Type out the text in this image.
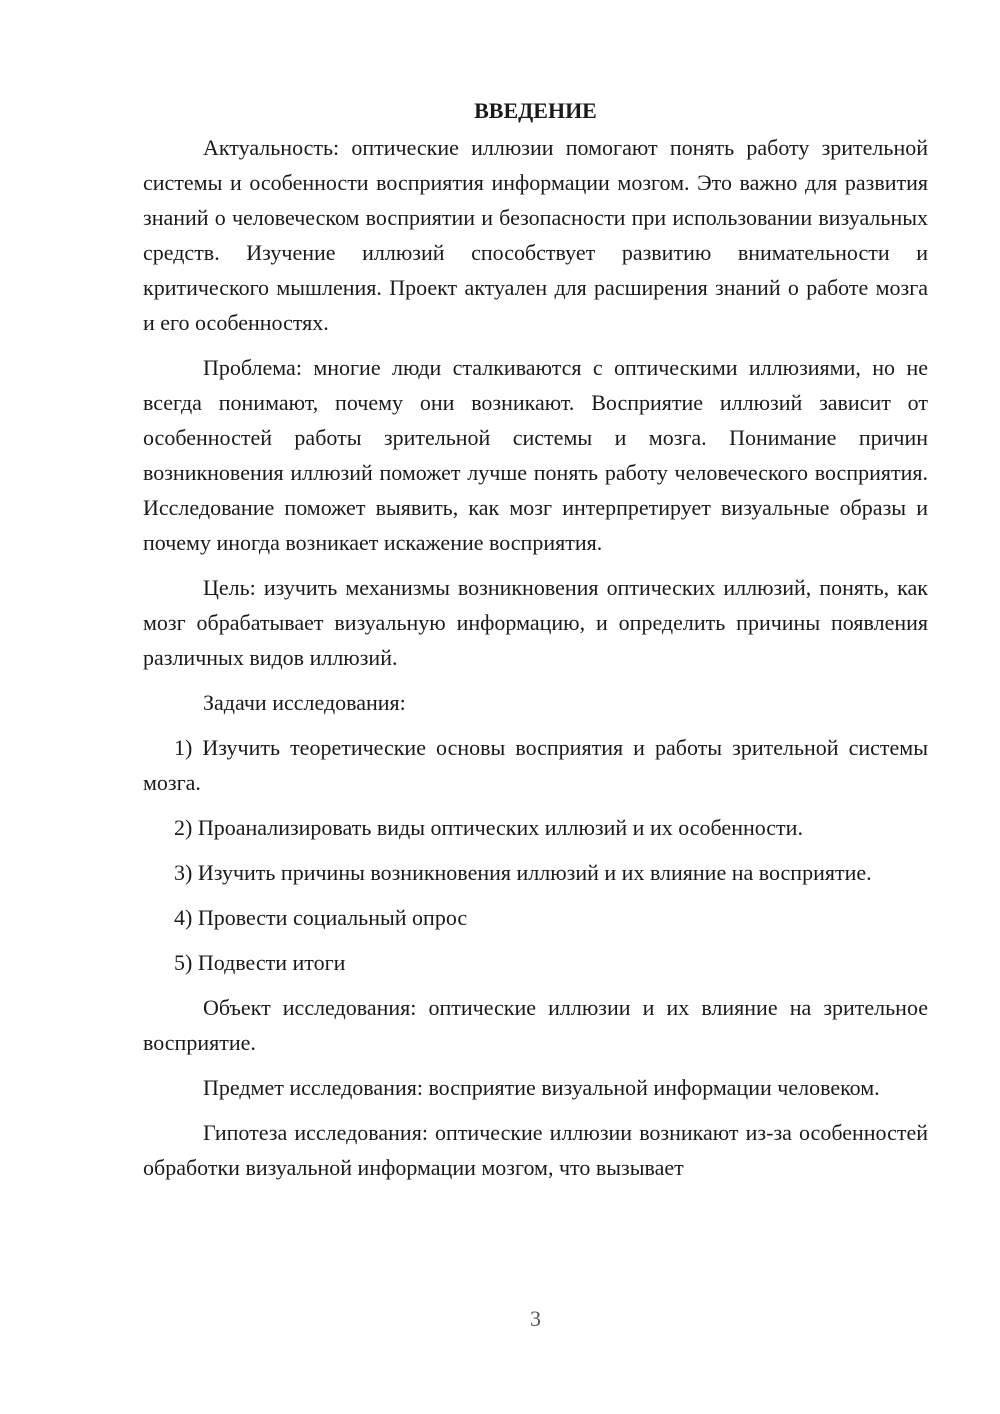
ВВЕДЕНИЕ

Актуальность: оптические иллюзии помогают понять работу зрительной системы и особенности восприятия информации мозгом. Это важно для развития знаний о человеческом восприятии и безопасности при использовании визуальных средств. Изучение иллюзий способствует развитию внимательности и критического мышления. Проект актуален для расширения знаний о работе мозга и его особенностях.

Проблема: многие люди сталкиваются с оптическими иллюзиями, но не всегда понимают, почему они возникают. Восприятие иллюзий зависит от особенностей работы зрительной системы и мозга. Понимание причин возникновения иллюзий поможет лучше понять работу человеческого восприятия. Исследование поможет выявить, как мозг интерпретирует визуальные образы и почему иногда возникает искажение восприятия.

Цель: изучить механизмы возникновения оптических иллюзий, понять, как мозг обрабатывает визуальную информацию, и определить причины появления различных видов иллюзий.

Задачи исследования:

1) Изучить теоретические основы восприятия и работы зрительной системы мозга.

2) Проанализировать виды оптических иллюзий и их особенности.

3) Изучить причины возникновения иллюзий и их влияние на восприятие.

4) Провести социальный опрос

5) Подвести итоги

Объект исследования: оптические иллюзии и их влияние на зрительное восприятие.

Предмет исследования: восприятие визуальной информации человеком.

Гипотеза исследования: оптические иллюзии возникают из-за особенностей обработки визуальной информации мозгом, что вызывает

3
